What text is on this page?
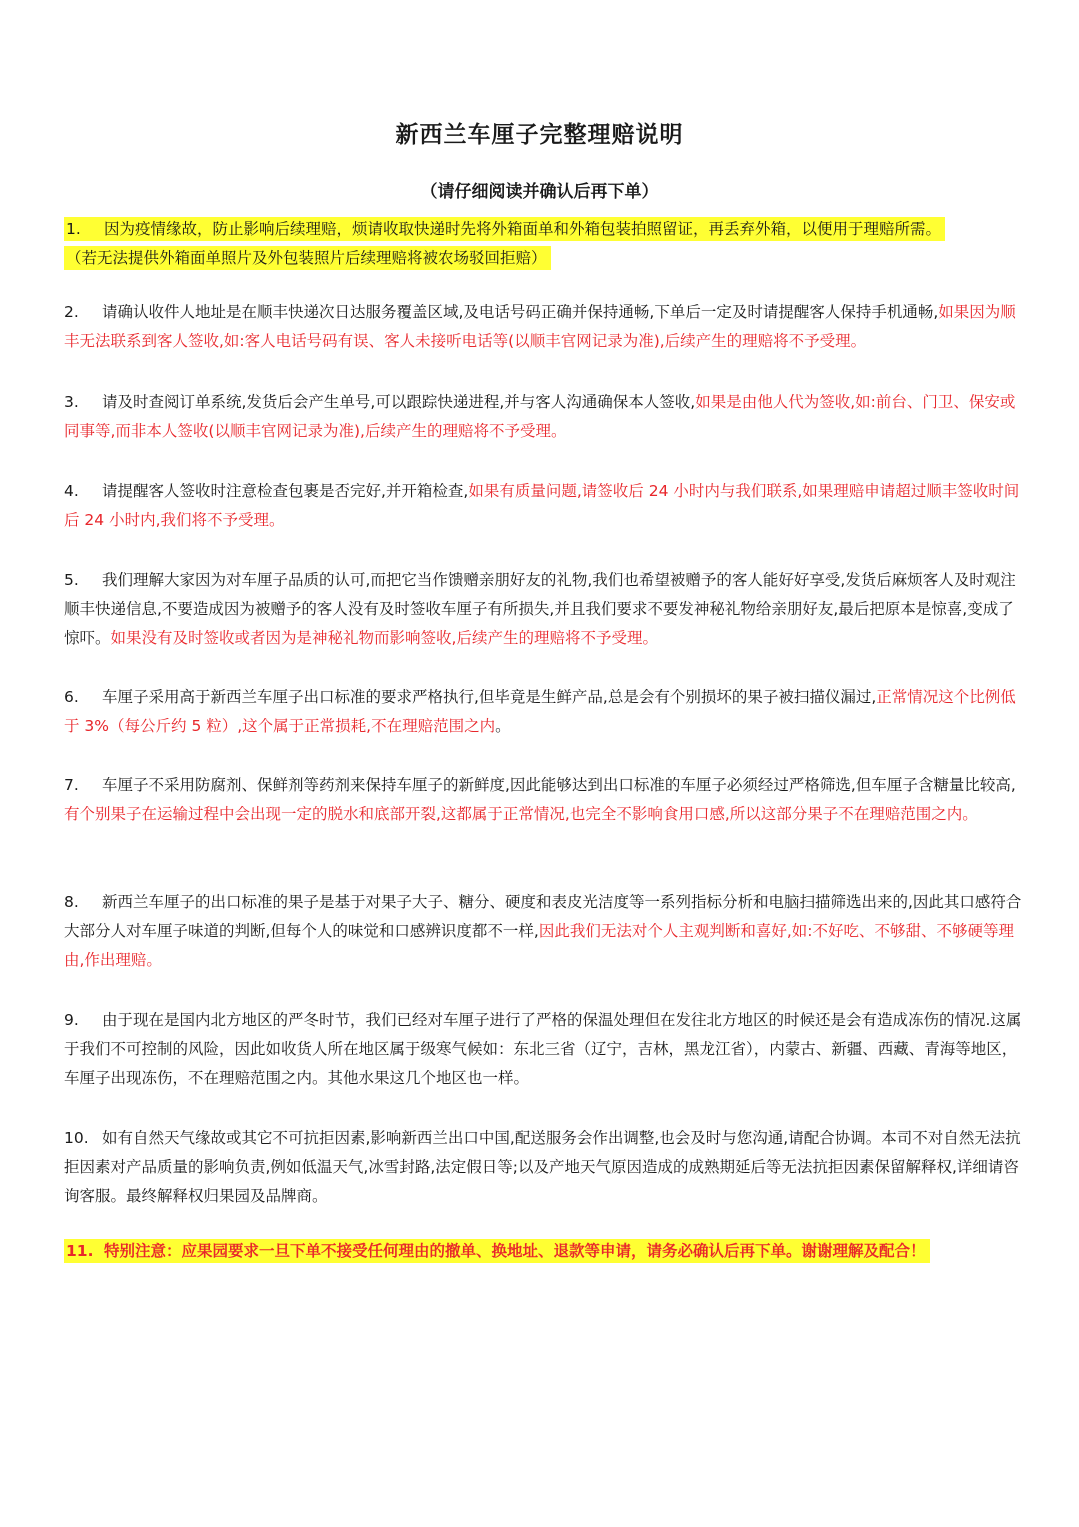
新西兰车厘子完整理赔说明
（请仔细阅读并确认后再下单）
1. 因为疫情缘故，防止影响后续理赔，烦请收取快递时先将外箱面单和外箱包装拍照留证，再丢弃外箱，以便用于理赔所需。
（若无法提供外箱面单照片及外包装照片后续理赔将被农场驳回拒赔）
2. 请确认收件人地址是在顺丰快递次日达服务覆盖区域,及电话号码正确并保持通畅,下单后一定及时请提醒客人保持手机通畅,如果因为顺丰无法联系到客人签收,如:客人电话号码有误、客人未接听电话等(以顺丰官网记录为准),后续产生的理赔将不予受理。
3. 请及时查阅订单系统,发货后会产生单号,可以跟踪快递进程,并与客人沟通确保本人签收,如果是由他人代为签收,如:前台、门卫、保安或同事等,而非本人签收(以顺丰官网记录为准),后续产生的理赔将不予受理。
4. 请提醒客人签收时注意检查包裹是否完好,并开箱检查,如果有质量问题,请签收后 24 小时内与我们联系,如果理赔申请超过顺丰签收时间后 24 小时内,我们将不予受理。
5. 我们理解大家因为对车厘子品质的认可,而把它当作馈赠亲朋好友的礼物,我们也希望被赠予的客人能好好享受,发货后麻烦客人及时观注顺丰快递信息,不要造成因为被赠予的客人没有及时签收车厘子有所损失,并且我们要求不要发神秘礼物给亲朋好友,最后把原本是惊喜,变成了惊吓。如果没有及时签收或者因为是神秘礼物而影响签收,后续产生的理赔将不予受理。
6. 车厘子采用高于新西兰车厘子出口标准的要求严格执行,但毕竟是生鲜产品,总是会有个别损坏的果子被扫描仪漏过,正常情况这个比例低于 3%（每公斤约 5 粒）,这个属于正常损耗,不在理赔范围之内。
7. 车厘子不采用防腐剂、保鲜剂等药剂来保持车厘子的新鲜度,因此能够达到出口标准的车厘子必须经过严格筛选,但车厘子含糖量比较高,有个别果子在运输过程中会出现一定的脱水和底部开裂,这都属于正常情况,也完全不影响食用口感,所以这部分果子不在理赔范围之内。
8. 新西兰车厘子的出口标准的果子是基于对果子大子、糖分、硬度和表皮光洁度等一系列指标分析和电脑扫描筛选出来的,因此其口感符合大部分人对车厘子味道的判断,但每个人的味觉和口感辨识度都不一样,因此我们无法对个人主观判断和喜好,如:不好吃、不够甜、不够硬等理由,作出理赔。
9. 由于现在是国内北方地区的严冬时节，我们已经对车厘子进行了严格的保温处理但在发往北方地区的时候还是会有造成冻伤的情况.这属于我们不可控制的风险，因此如收货人所在地区属于级寒气候如：东北三省（辽宁，吉林，黑龙江省），内蒙古、新疆、西藏、青海等地区，车厘子出现冻伤，不在理赔范围之内。其他水果这几个地区也一样。
10. 如有自然天气缘故或其它不可抗拒因素,影响新西兰出口中国,配送服务会作出调整,也会及时与您沟通,请配合协调。本司不对自然无法抗拒因素对产品质量的影响负责,例如低温天气,冰雪封路,法定假日等;以及产地天气原因造成的成熟期延后等无法抗拒因素保留解释权,详细请咨询客服。最终解释权归果园及品牌商。
11. 特别注意：应果园要求一旦下单不接受任何理由的撤单、换地址、退款等申请，请务必确认后再下单。谢谢理解及配合！
